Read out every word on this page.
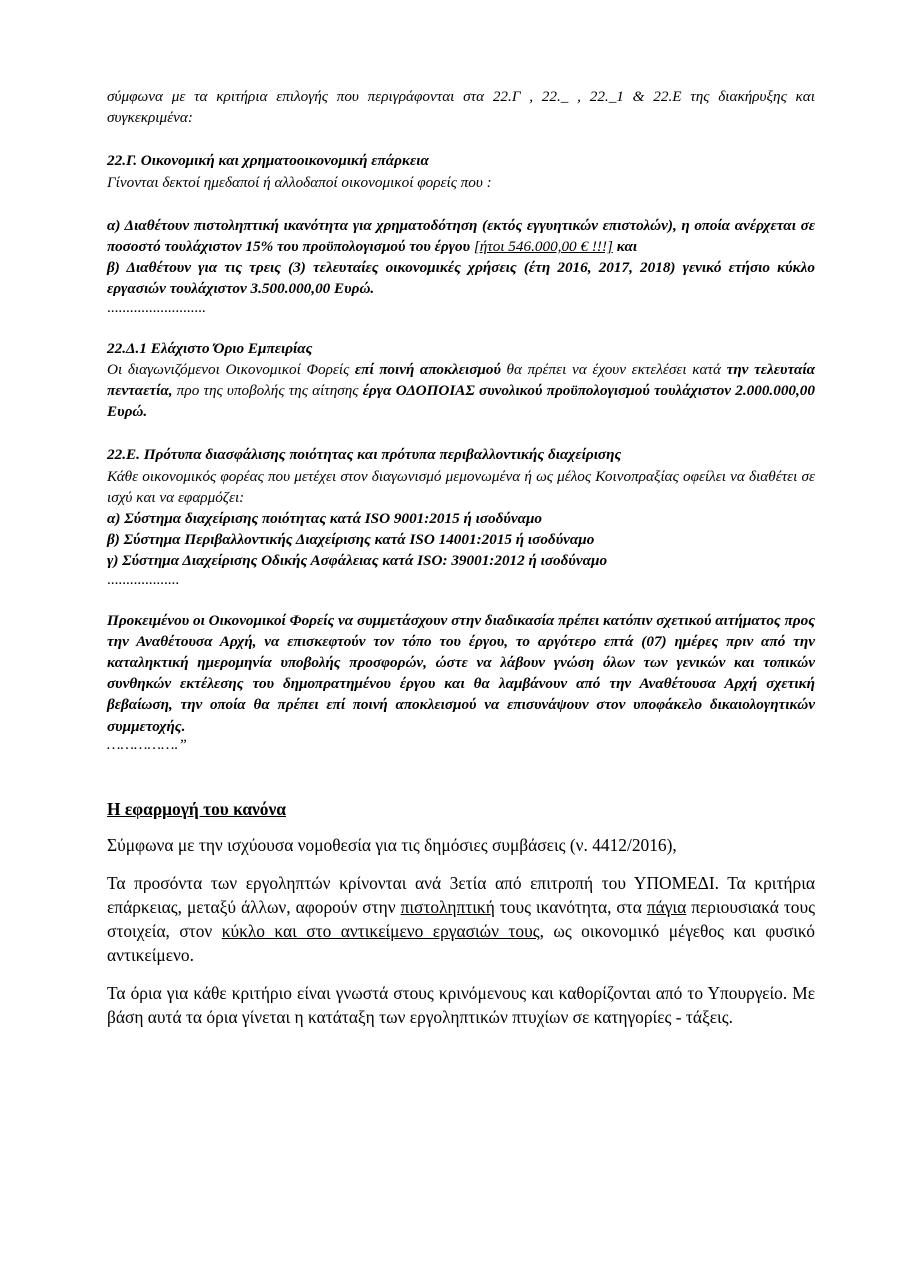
σύμφωνα με τα κριτήρια επιλογής που περιγράφονται στα 22.Γ , 22._ , 22._1 & 22.Ε της διακήρυξης και συγκεκριμένα:

22.Γ. Οικονομική και χρηματοοικονομική επάρκεια

Γίνονται δεκτοί ημεδαποί ή αλλοδαποί οικονομικοί φορείς που :

α) Διαθέτουν πιστοληπτική ικανότητα για χρηματοδότηση (εκτός εγγυητικών επιστολών), η οποία ανέρχεται σε ποσοστό τουλάχιστον 15% του προϋπολογισμού του έργου [ήτοι 546.000,00 € !!!] και

β) Διαθέτουν για τις τρεις (3) τελευταίες οικονομικές χρήσεις (έτη 2016, 2017, 2018) γενικό ετήσιο κύκλο εργασιών τουλάχιστον 3.500.000,00 Ευρώ.

..........................

22.Δ.1 Ελάχιστο Όριο Εμπειρίας

Οι διαγωνιζόμενοι Οικονομικοί Φορείς επί ποινή αποκλεισμού θα πρέπει να έχουν εκτελέσει κατά την τελευταία πενταετία, προ της υποβολής της αίτησης έργα ΟΔΟΠΟΙΑΣ συνολικού προϋπολογισμού τουλάχιστον 2.000.000,00 Ευρώ.

22.Ε. Πρότυπα διασφάλισης ποιότητας και πρότυπα περιβαλλοντικής διαχείρισης

Κάθε οικονομικός φορέας που μετέχει στον διαγωνισμό μεμονωμένα ή ως μέλος Κοινοπραξίας οφείλει να διαθέτει σε ισχύ και να εφαρμόζει:

α) Σύστημα διαχείρισης ποιότητας κατά ISO 9001:2015 ή ισοδύναμο

β) Σύστημα Περιβαλλοντικής Διαχείρισης κατά ISO 14001:2015 ή ισοδύναμο

γ) Σύστημα Διαχείρισης Οδικής Ασφάλειας κατά ISO: 39001:2012 ή ισοδύναμο

...................

Προκειμένου οι Οικονομικοί Φορείς να συμμετάσχουν στην διαδικασία πρέπει κατόπιν σχετικού αιτήματος προς την Αναθέτουσα Αρχή, να επισκεφτούν τον τόπο του έργου, το αργότερο επτά (07) ημέρες πριν από την καταληκτική ημερομηνία υποβολής προσφορών, ώστε να λάβουν γνώση όλων των γενικών και τοπικών συνθηκών εκτέλεσης του δημοπρατημένου έργου και θα λαμβάνουν από την Αναθέτουσα Αρχή σχετική βεβαίωση, την οποία θα πρέπει επί ποινή αποκλεισμού να επισυνάψουν στον υποφάκελο δικαιολογητικών συμμετοχής.

…………….”

Η εφαρμογή του κανόνα

Σύμφωνα με την ισχύουσα νομοθεσία για τις δημόσιες συμβάσεις (ν. 4412/2016),

Τα προσόντα των εργοληπτών κρίνονται ανά 3ετία από επιτροπή του ΥΠΟΜΕΔΙ. Τα κριτήρια επάρκειας, μεταξύ άλλων, αφορούν στην πιστοληπτική τους ικανότητα, στα πάγια περιουσιακά τους στοιχεία, στον κύκλο και στο αντικείμενο εργασιών τους, ως οικονομικό μέγεθος και φυσικό αντικείμενο.

Τα όρια για κάθε κριτήριο είναι γνωστά στους κρινόμενους και καθορίζονται από το Υπουργείο. Με βάση αυτά τα όρια γίνεται η κατάταξη των εργοληπτικών πτυχίων σε κατηγορίες - τάξεις.
